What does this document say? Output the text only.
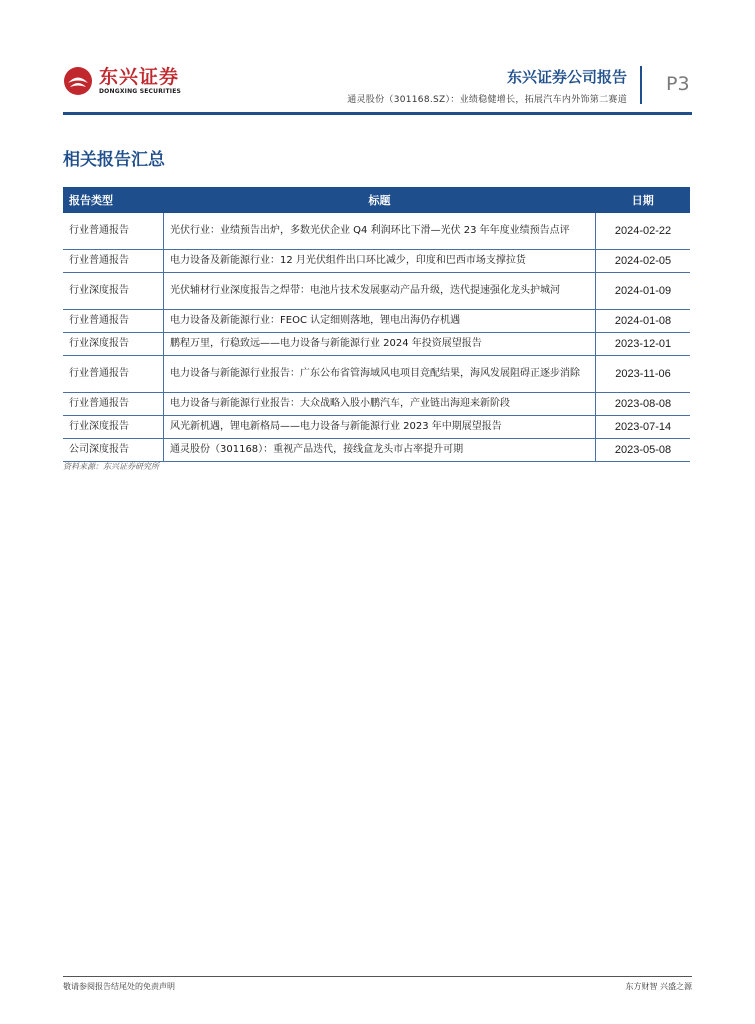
东兴证券
DONGXING SECURITIES
东兴证券公司报告
通灵股份（301168.SZ）：业绩稳健增长，拓展汽车内外饰第二赛道
P3
相关报告汇总
报告类型	标题	日期
行业普通报告	光伏行业：业绩预告出炉，多数光伏企业 Q4 利润环比下滑—光伏 23 年年度业绩预告点评	2024-02-22
行业普通报告	电力设备及新能源行业：12 月光伏组件出口环比减少，印度和巴西市场支撑拉货	2024-02-05
行业深度报告	光伏辅材行业深度报告之焊带：电池片技术发展驱动产品升级，迭代提速强化龙头护城河	2024-01-09
行业普通报告	电力设备及新能源行业：FEOC 认定细则落地，锂电出海仍存机遇	2024-01-08
行业深度报告	鹏程万里，行稳致远——电力设备与新能源行业 2024 年投资展望报告	2023-12-01
行业普通报告	电力设备与新能源行业报告：广东公布省管海域风电项目竞配结果，海风发展阻碍正逐步消除	2023-11-06
行业普通报告	电力设备与新能源行业报告：大众战略入股小鹏汽车，产业链出海迎来新阶段	2023-08-08
行业深度报告	风光新机遇，锂电新格局——电力设备与新能源行业 2023 年中期展望报告	2023-07-14
公司深度报告	通灵股份（301168）：重视产品迭代，接线盒龙头市占率提升可期	2023-05-08
资料来源：东兴证券研究所
敬请参阅报告结尾处的免责声明	东方财智 兴盛之源
